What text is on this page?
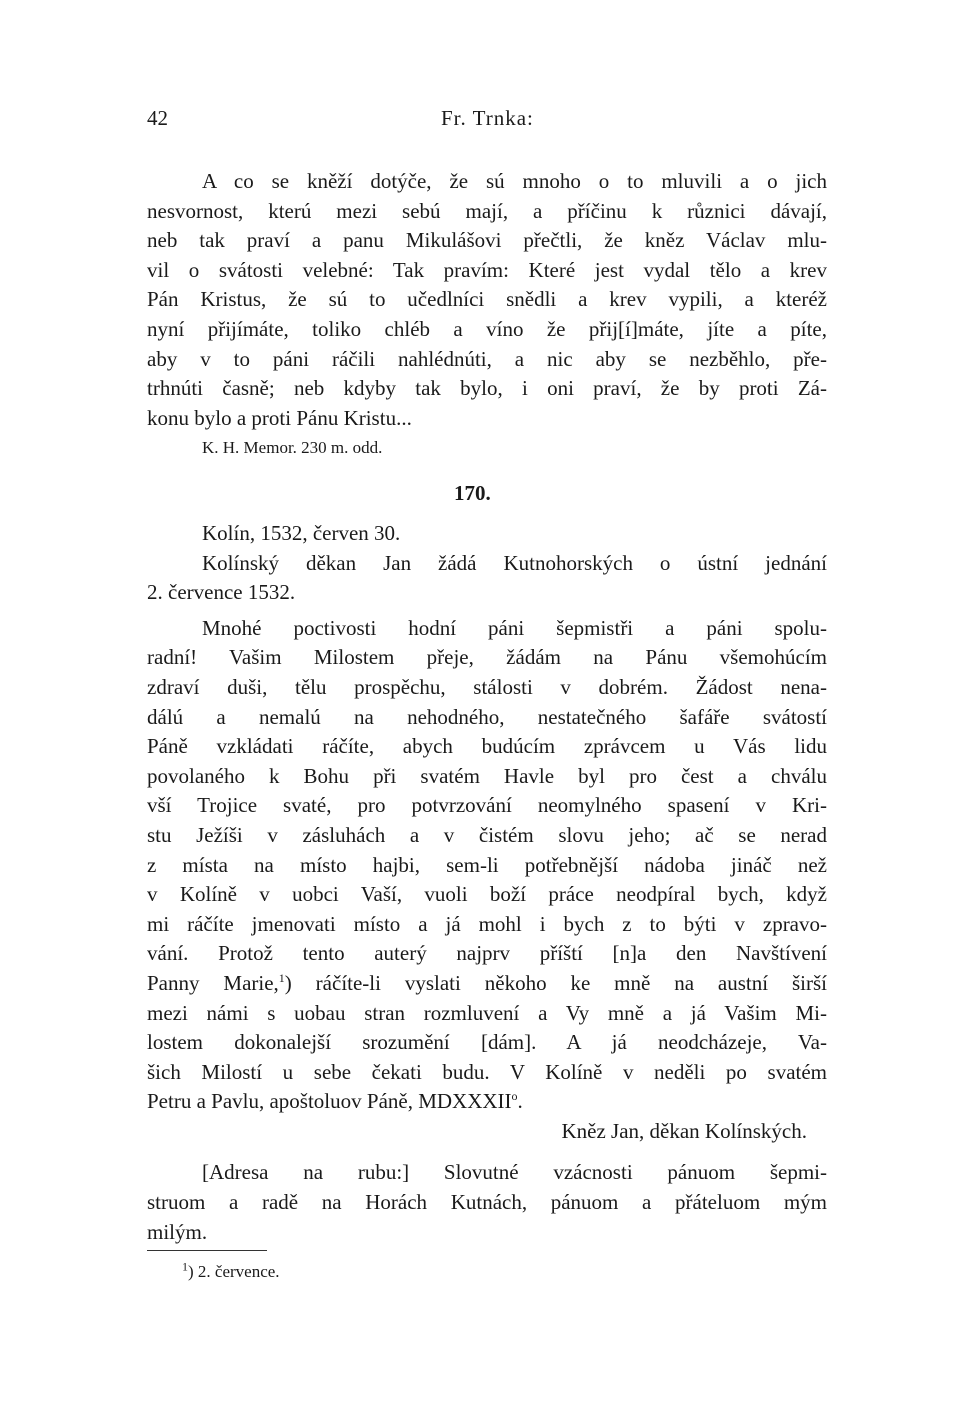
42	Fr. Trnka:
A co se kněží dotýče, že sú mnoho o to mluvili a o jich
nesvornost, kterú mezi sebú mají, a příčinu k různici dávají,
neb tak praví a panu Mikulášovi přečtli, že kněz Václav mlu-
vil o svátosti velebné: Tak pravím: Které jest vydal tělo a krev
Pán Kristus, že sú to učedlníci snědli a krev vypili, a kteréž
nyní přijímáte, toliko chléb a víno že přij[í]máte, jíte a píte,
aby v to páni ráčili nahlédnúti, a nic aby se nezběhlo, pře-
trhnúti časně; neb kdyby tak bylo, i oni praví, že by proti Zá-
konu bylo a proti Pánu Kristu...
K. H. Memor. 230 m. odd.
170.
Kolín, 1532, červen 30.
Kolínský děkan Jan žádá Kutnohorských o ústní jednání
2. července 1532.
Mnohé poctivosti hodní páni šepmistři a páni spolu-
radní! Vašim Milostem přeje, žádám na Pánu všemohúcím
zdraví duši, tělu prospěchu, stálosti v dobrém. Žádost nena-
dálú a nemalú na nehodného, nestatečného šafáře svátostí
Páně vzkládati ráčíte, abych budúcím zprávcem u Vás lidu
povolaného k Bohu při svatém Havle byl pro čest a chválu
vší Trojice svaté, pro potvrzování neomylného spasení v Kri-
stu Ježíši v zásluhách a v čistém slovu jeho; ač se nerad
z místa na místo hajbi, sem-li potřebnější nádoba jináč než
v Kolíně v uobci Vaší, vuoli boží práce neodpíral bych, když
mi ráčíte jmenovati místo a já mohl i bych z to býti v zpravo-
vání. Protož tento auterý najprv příští [n]a den Navštívení
Panny Marie,$^1$) ráčíte-li vyslati někoho ke mně na austní širší
mezi námi s uobau stran rozmluvení a Vy mně a já Vašim Mi-
lostem dokonalejší srozumění [dám]. A já neodcházeje, Va-
šich Milostí u sebe čekati budu. V Kolíně v neděli po svatém
Petru a Pavlu, apoštoluov Páně, MDXXXII$^o$.
Kněz Jan, děkan Kolínských.
[Adresa na rubu:] Slovutné vzácnosti pánuom šepmi-
struom a radě na Horách Kutnách, pánuom a přáteluom mým
milým.
$^1$) 2. července.
